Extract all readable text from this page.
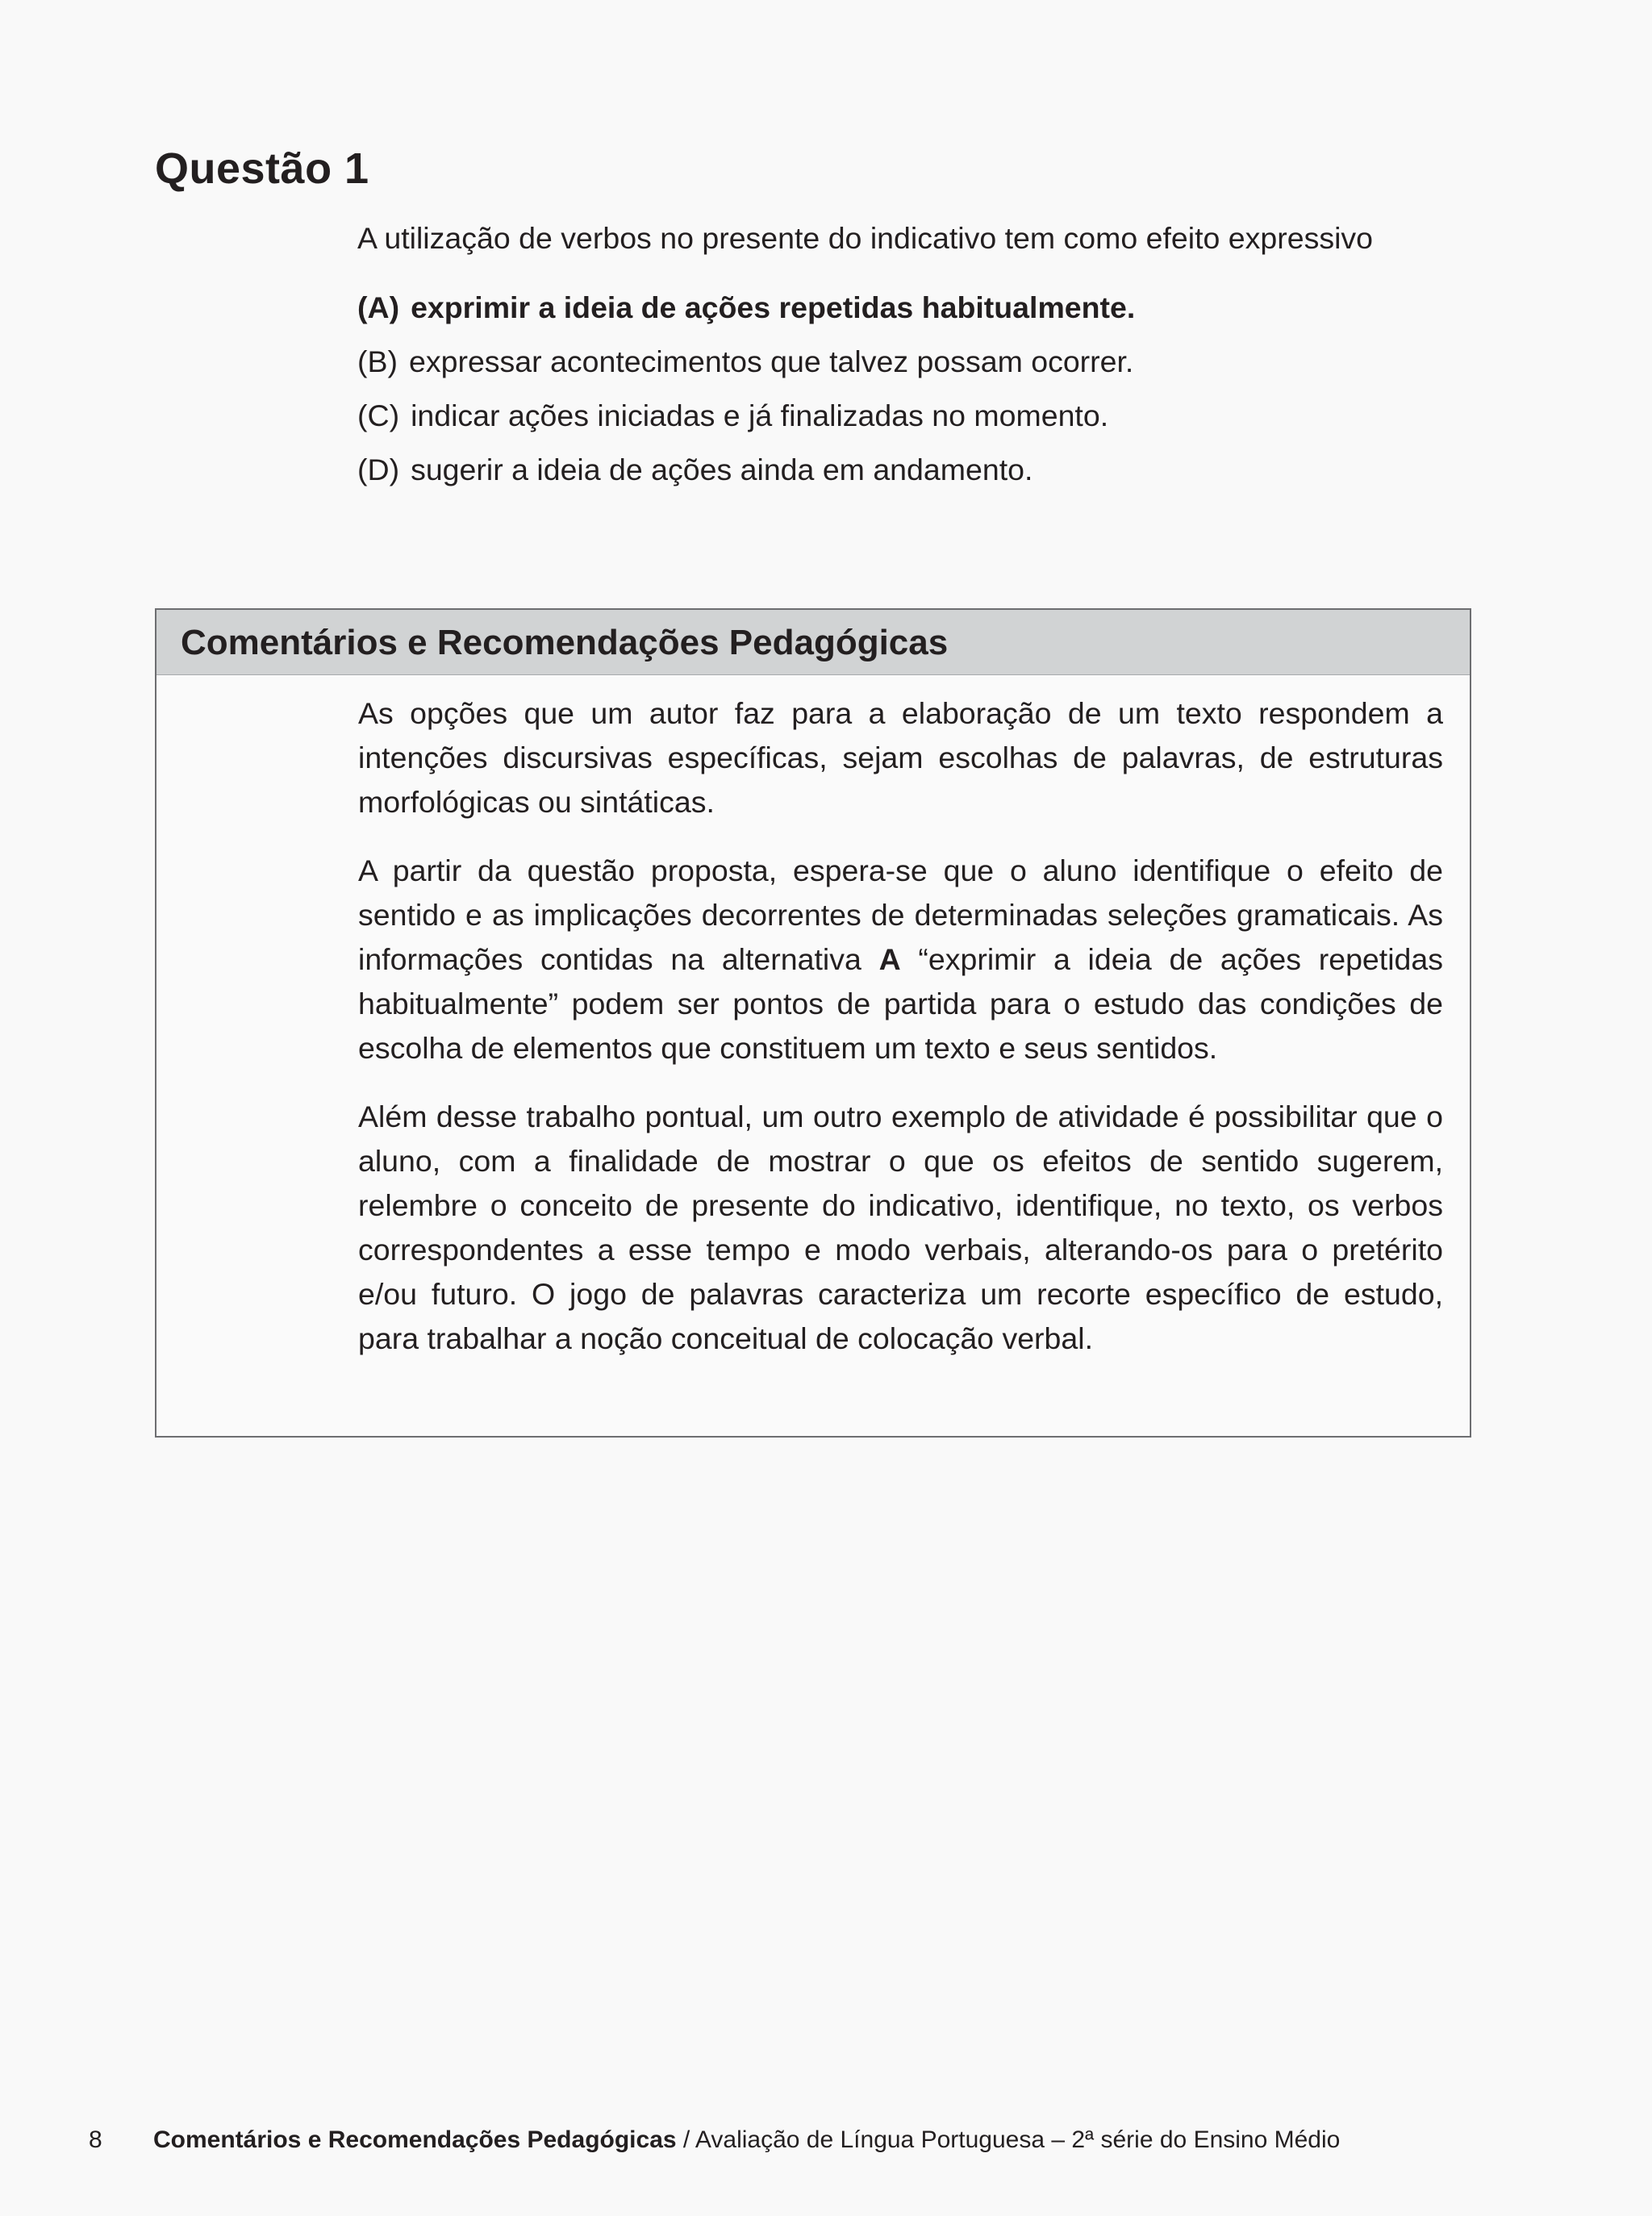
Questão 1

A utilização de verbos no presente do indicativo tem como efeito expressivo

(A) exprimir a ideia de ações repetidas habitualmente.
(B) expressar acontecimentos que talvez possam ocorrer.
(C) indicar ações iniciadas e já finalizadas no momento.
(D) sugerir a ideia de ações ainda em andamento.
Comentários e Recomendações Pedagógicas

As opções que um autor faz para a elaboração de um texto respondem a intenções discursivas específicas, sejam escolhas de palavras, de estruturas morfológicas ou sintáticas.

A partir da questão proposta, espera-se que o aluno identifique o efeito de sentido e as implicações decorrentes de determinadas seleções gramaticais. As informações contidas na alternativa A “exprimir a ideia de ações repetidas habitualmente” podem ser pontos de partida para o estudo das condições de escolha de elementos que constituem um texto e seus sentidos.

Além desse trabalho pontual, um outro exemplo de atividade é possibilitar que o aluno, com a finalidade de mostrar o que os efeitos de sentido sugerem, relembre o conceito de presente do indicativo, identifique, no texto, os verbos correspondentes a esse tempo e modo verbais, alterando-os para o pretérito e/ou futuro. O jogo de palavras caracteriza um recorte específico de estudo, para trabalhar a noção conceitual de colocação verbal.

8 Comentários e Recomendações Pedagógicas / Avaliação de Língua Portuguesa – 2ª série do Ensino Médio
